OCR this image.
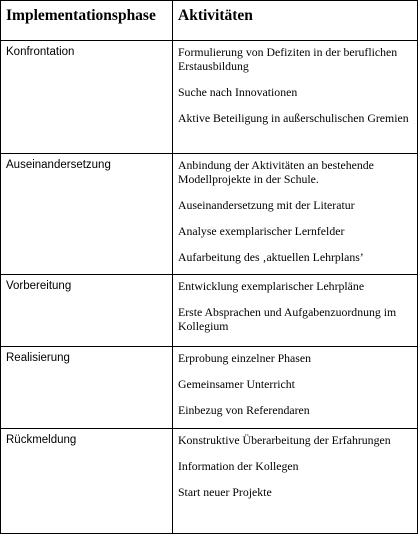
Implementationsphase	Aktivitäten
Konfrontation	Formulierung von Defiziten in der beruflichen Erstausbildung
Suche nach Innovationen
Aktive Beteiligung in außerschulischen Gremien

Auseinandersetzung	Anbindung der Aktivitäten an bestehende Modellprojekte in der Schule.
Auseinandersetzung mit der Literatur
Analyse exemplarischer Lernfelder
Aufarbeitung des ‚aktuellen Lehrplans’

Vorbereitung	Entwicklung exemplarischer Lehrpläne
Erste Absprachen und Aufgabenzuordnung im Kollegium

Realisierung	Erprobung einzelner Phasen
Gemeinsamer Unterricht
Einbezug von Referendaren

Rückmeldung	Konstruktive Überarbeitung der Erfahrungen
Information der Kollegen
Start neuer Projekte
